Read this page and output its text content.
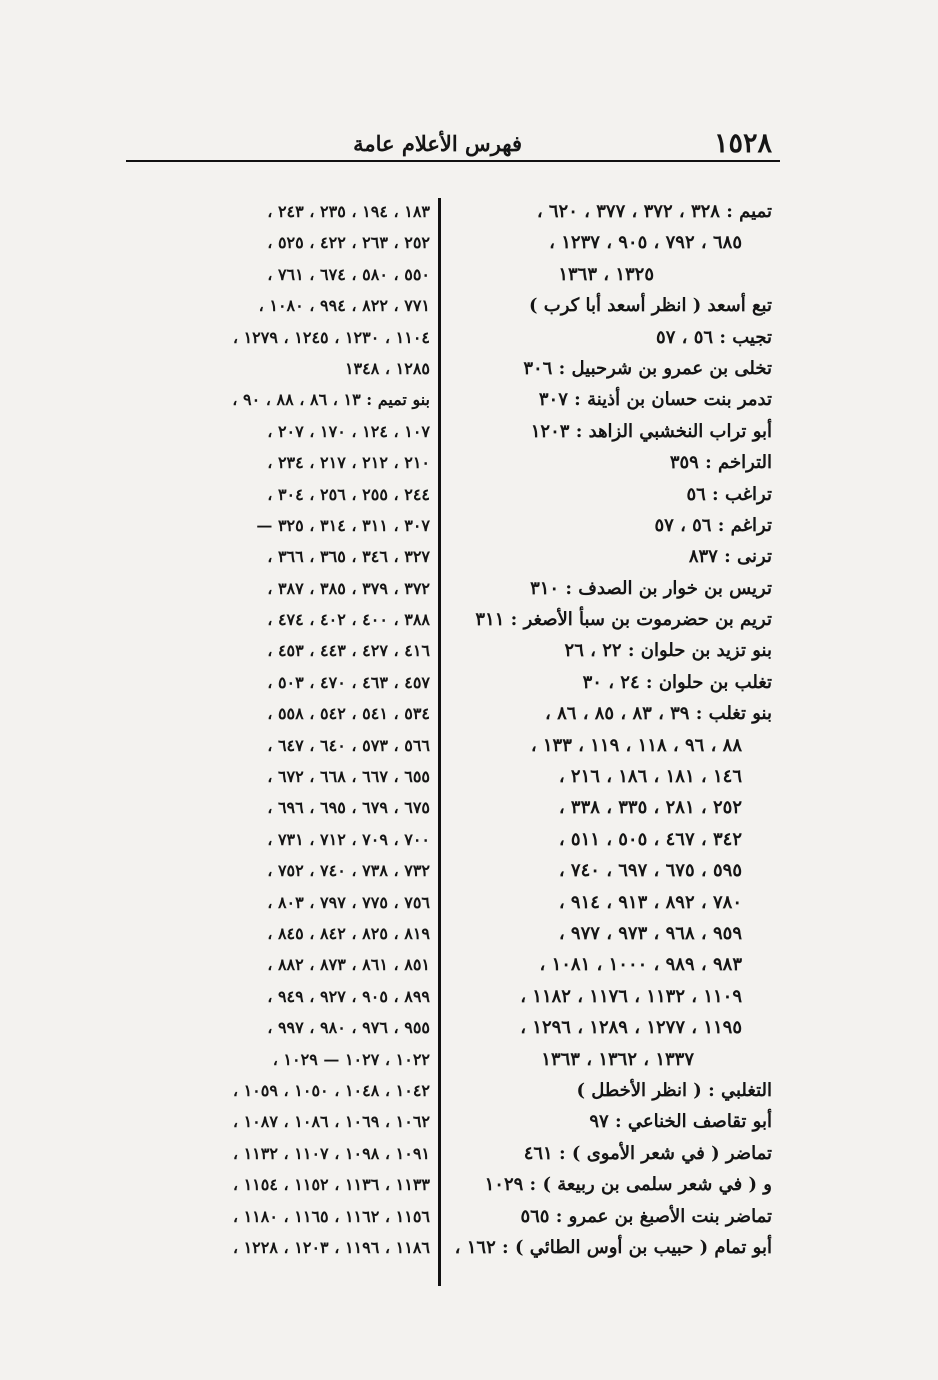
١٥٢٨
فهرس الأعلام عامة
تميم : ٣٢٨ ، ٣٧٢ ، ٣٧٧ ، ٦٢٠ ،
٦٨٥ ، ٧٩٢ ، ٩٠٥ ، ١٢٣٧ ،
١٣٢٥ ، ١٣٦٣
تبع أسعد ( انظر أسعد أبا كرب )
تجيب : ٥٦ ، ٥٧
تخلى بن عمرو بن شرحبيل : ٣٠٦
تدمر بنت حسان بن أذينة : ٣٠٧
أبو تراب النخشبي الزاهد : ١٢٠٣
التراخم : ٣٥٩
تراغب : ٥٦
تراغم : ٥٦ ، ٥٧
ترنى : ٨٣٧
تريس بن خوار بن الصدف : ٣١٠
تريم بن حضرموت بن سبأ الأصغر : ٣١١
بنو تزيد بن حلوان : ٢٢ ، ٢٦
تغلب بن حلوان : ٢٤ ، ٣٠
بنو تغلب : ٣٩ ، ٨٣ ، ٨٥ ، ٨٦ ،
٨٨ ، ٩٦ ، ١١٨ ، ١١٩ ، ١٣٣ ،
١٤٦ ، ١٨١ ، ١٨٦ ، ٢١٦ ،
٢٥٢ ، ٢٨١ ، ٣٣٥ ، ٣٣٨ ،
٣٤٢ ، ٤٦٧ ، ٥٠٥ ، ٥١١ ،
٥٩٥ ، ٦٧٥ ، ٦٩٧ ، ٧٤٠ ،
٧٨٠ ، ٨٩٢ ، ٩١٣ ، ٩١٤ ،
٩٥٩ ، ٩٦٨ ، ٩٧٣ ، ٩٧٧ ،
٩٨٣ ، ٩٨٩ ، ١٠٠٠ ، ١٠٨١ ،
١١٠٩ ، ١١٣٢ ، ١١٧٦ ، ١١٨٢ ،
١١٩٥ ، ١٢٧٧ ، ١٢٨٩ ، ١٢٩٦ ،
١٣٣٧ ، ١٣٦٢ ، ١٣٦٣
التغلبي : ( انظر الأخطل )
أبو تقاصف الخناعي : ٩٧
تماضر ( في شعر الأموى ) : ٤٦١
و ( في شعر سلمى بن ربيعة ) : ١٠٢٩
تماضر بنت الأصبغ بن عمرو : ٥٦٥
أبو تمام ( حبيب بن أوس الطائي ) : ١٦٢ ،
١٨٣ ، ١٩٤ ، ٢٣٥ ، ٢٤٣ ،
٢٥٢ ، ٢٦٣ ، ٤٢٢ ، ٥٢٥ ،
٥٥٠ ، ٥٨٠ ، ٦٧٤ ، ٧٦١ ،
٧٧١ ، ٨٢٢ ، ٩٩٤ ، ١٠٨٠ ،
١١٠٤ ، ١٢٣٠ ، ١٢٤٥ ، ١٢٧٩ ،
١٢٨٥ ، ١٣٤٨
بنو تميم : ١٣ ، ٨٦ ، ٨٨ ، ٩٠ ،
١٠٧ ، ١٢٤ ، ١٧٠ ، ٢٠٧ ،
٢١٠ ، ٢١٢ ، ٢١٧ ، ٢٣٤ ،
٢٤٤ ، ٢٥٥ ، ٢٥٦ ، ٣٠٤ ،
٣٠٧ ، ٣١١ ، ٣١٤ ، ٣٢٥ —
٣٢٧ ، ٣٤٦ ، ٣٦٥ ، ٣٦٦ ،
٣٧٢ ، ٣٧٩ ، ٣٨٥ ، ٣٨٧ ،
٣٨٨ ، ٤٠٠ ، ٤٠٢ ، ٤٧٤ ،
٤١٦ ، ٤٢٧ ، ٤٤٣ ، ٤٥٣ ،
٤٥٧ ، ٤٦٣ ، ٤٧٠ ، ٥٠٣ ،
٥٣٤ ، ٥٤١ ، ٥٤٢ ، ٥٥٨ ،
٥٦٦ ، ٥٧٣ ، ٦٤٠ ، ٦٤٧ ،
٦٥٥ ، ٦٦٧ ، ٦٦٨ ، ٦٧٢ ،
٦٧٥ ، ٦٧٩ ، ٦٩٥ ، ٦٩٦ ،
٧٠٠ ، ٧٠٩ ، ٧١٢ ، ٧٣١ ،
٧٣٢ ، ٧٣٨ ، ٧٤٠ ، ٧٥٢ ،
٧٥٦ ، ٧٧٥ ، ٧٩٧ ، ٨٠٣ ،
٨١٩ ، ٨٢٥ ، ٨٤٢ ، ٨٤٥ ،
٨٥١ ، ٨٦١ ، ٨٧٣ ، ٨٨٢ ،
٨٩٩ ، ٩٠٥ ، ٩٢٧ ، ٩٤٩ ،
٩٥٥ ، ٩٧٦ ، ٩٨٠ ، ٩٩٧ ،
١٠٢٢ ، ١٠٢٧ — ١٠٢٩ ،
١٠٤٢ ، ١٠٤٨ ، ١٠٥٠ ، ١٠٥٩ ،
١٠٦٢ ، ١٠٦٩ ، ١٠٨٦ ، ١٠٨٧ ،
١٠٩١ ، ١٠٩٨ ، ١١٠٧ ، ١١٣٢ ،
١١٣٣ ، ١١٣٦ ، ١١٥٢ ، ١١٥٤ ،
١١٥٦ ، ١١٦٢ ، ١١٦٥ ، ١١٨٠ ،
١١٨٦ ، ١١٩٦ ، ١٢٠٣ ، ١٢٢٨ ،
